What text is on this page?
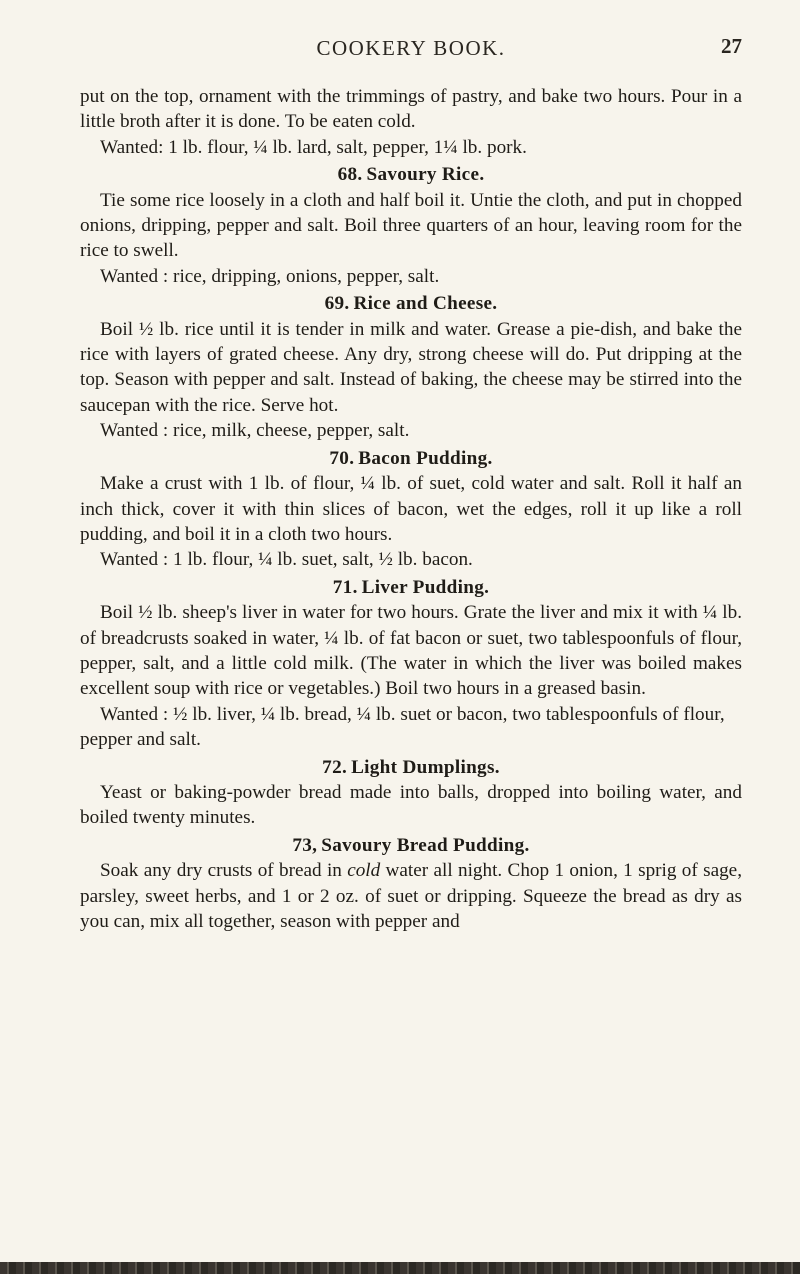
COOKERY BOOK.	27

put on the top, ornament with the trimmings of pastry, and bake two hours. Pour in a little broth after it is done. To be eaten cold.

Wanted: 1 lb. flour, ¼ lb. lard, salt, pepper, 1¼ lb. pork.

68. Savoury Rice.

Tie some rice loosely in a cloth and half boil it. Untie the cloth, and put in chopped onions, dripping, pepper and salt. Boil three quarters of an hour, leaving room for the rice to swell.

Wanted : rice, dripping, onions, pepper, salt.

69. Rice and Cheese.

Boil ½ lb. rice until it is tender in milk and water. Grease a pie-dish, and bake the rice with layers of grated cheese. Any dry, strong cheese will do. Put dripping at the top. Season with pepper and salt. Instead of baking, the cheese may be stirred into the saucepan with the rice. Serve hot.

Wanted : rice, milk, cheese, pepper, salt.

70. Bacon Pudding.

Make a crust with 1 lb. of flour, ¼ lb. of suet, cold water and salt. Roll it half an inch thick, cover it with thin slices of bacon, wet the edges, roll it up like a roll pudding, and boil it in a cloth two hours.

Wanted : 1 lb. flour, ¼ lb. suet, salt, ½ lb. bacon.

71. Liver Pudding.

Boil ½ lb. sheep's liver in water for two hours. Grate the liver and mix it with ¼ lb. of breadcrusts soaked in water, ¼ lb. of fat bacon or suet, two tablespoonfuls of flour, pepper, salt, and a little cold milk. (The water in which the liver was boiled makes excellent soup with rice or vegetables.) Boil two hours in a greased basin.

Wanted : ½ lb. liver, ¼ lb. bread, ¼ lb. suet or bacon, two tablespoonfuls of flour, pepper and salt.

72. Light Dumplings.

Yeast or baking-powder bread made into balls, dropped into boiling water, and boiled twenty minutes.

73, Savoury Bread Pudding.

Soak any dry crusts of bread in cold water all night. Chop 1 onion, 1 sprig of sage, parsley, sweet herbs, and 1 or 2 oz. of suet or dripping. Squeeze the bread as dry as you can, mix all together, season with pepper and
